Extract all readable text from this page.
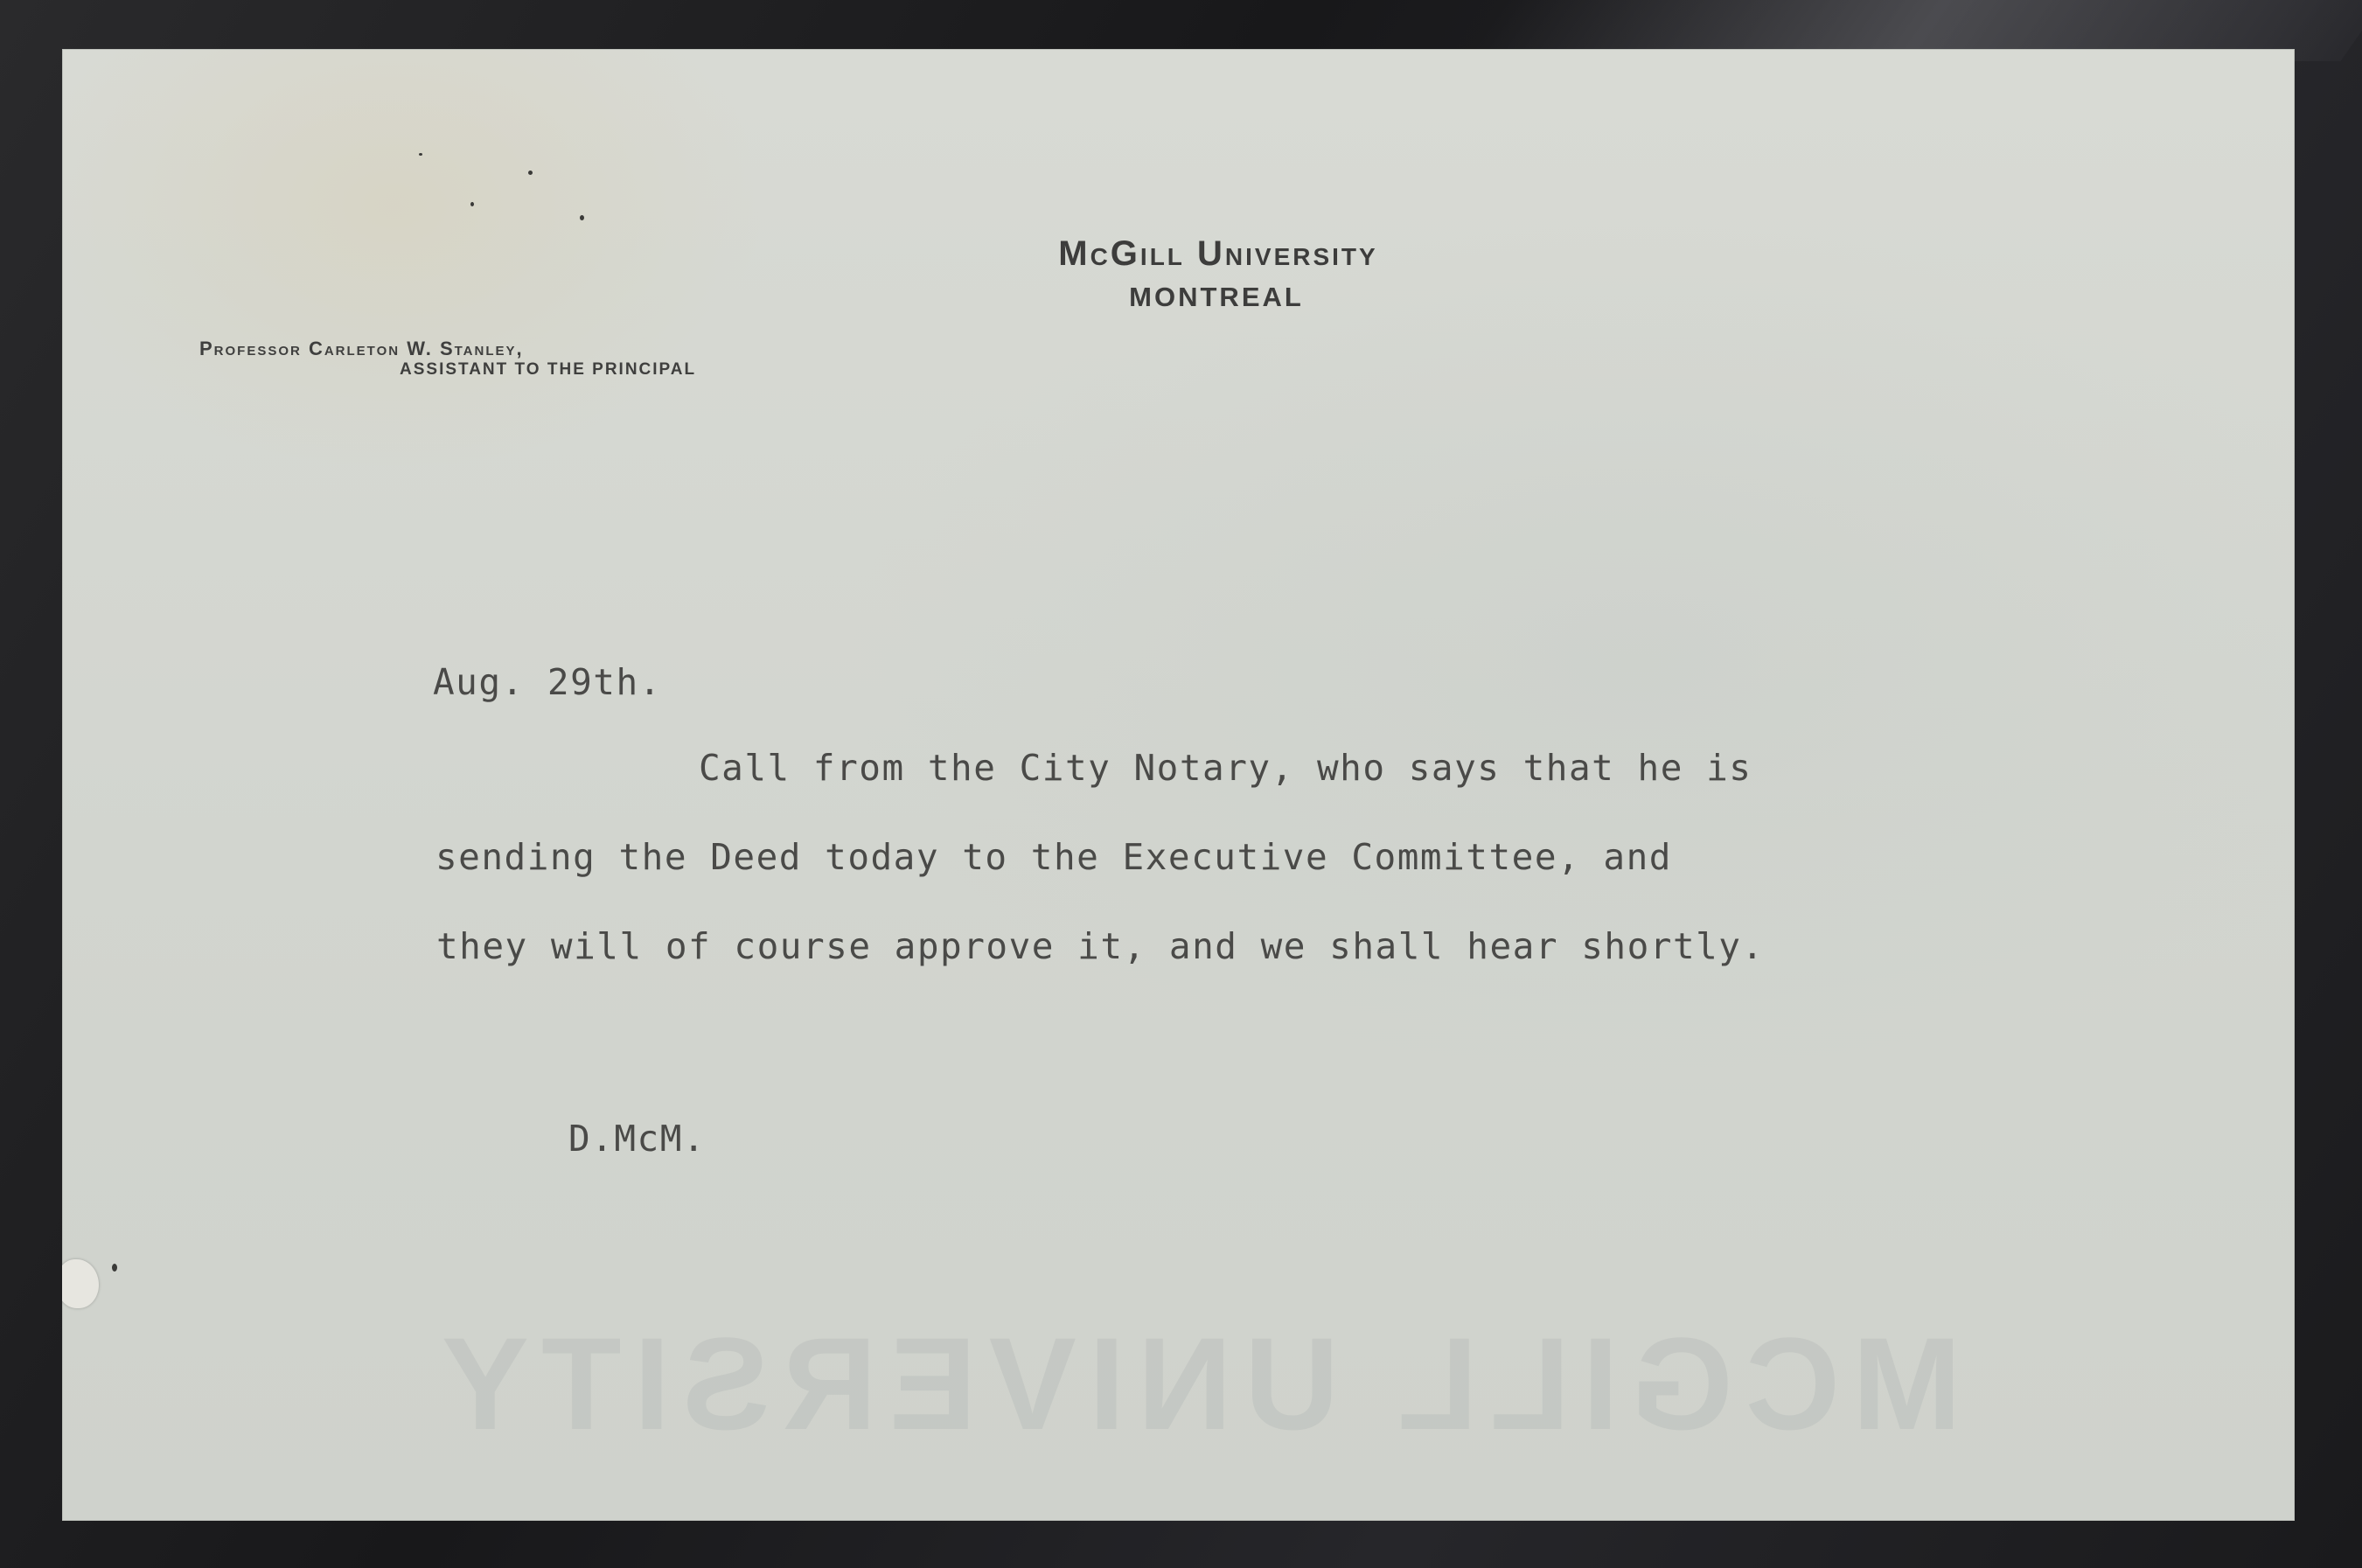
MCGILL UNIVERSITY
McGill University
MONTREAL
Professor Carleton W. Stanley,
ASSISTANT TO THE PRINCIPAL
Aug. 29th.
Call from the City Notary, who says that he is
sending the Deed today to the Executive Committee, and
they will of course approve it, and we shall hear shortly.
D.McM.
